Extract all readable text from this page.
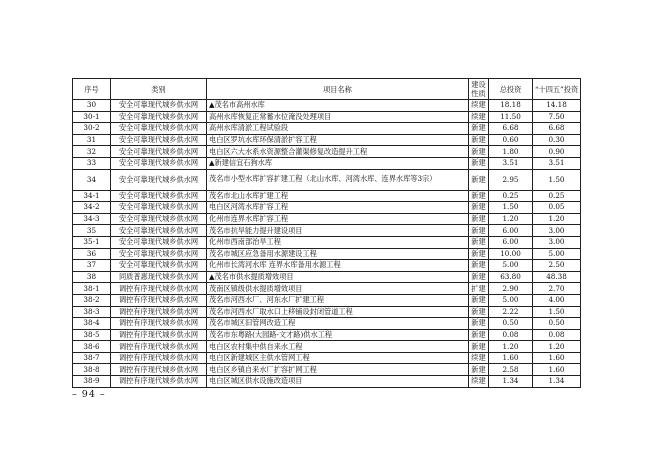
序号	类别	项目名称	建设性质	总投资	“十四五”投资
30	安全可靠现代城乡供水网	▲茂名市高州水库	续建	18.18	14.18
30-1	安全可靠现代城乡供水网	高州水库恢复正常蓄水位淹没处理项目	续建	11.50	7.50
30-2	安全可靠现代城乡供水网	高州水库清淤工程试验段	新建	6.68	6.68
31	安全可靠现代城乡供水网	电白区罗坑水库环保清淤扩容工程	新建	0.60	0.30
32	安全可靠现代城乡供水网	电白区六大水系水资源整合灌渠修复改造提升工程	新建	1.80	0.90
33	安全可靠现代城乡供水网	▲新建信宜石狗水库	新建	3.51	3.51
34	安全可靠现代城乡供水网	茂名市小型水库扩容扩建工程（北山水库、河湾水库、连界水库等3宗）	新建	2.95	1.50
34-1	安全可靠现代城乡供水网	茂名市北山水库扩建工程	新建	0.25	0.25
34-2	安全可靠现代城乡供水网	电白区河湾水库扩容工程	新建	1.50	0.05
34-3	安全可靠现代城乡供水网	化州市连界水库扩容工程	新建	1.20	1.20
35	安全可靠现代城乡供水网	茂名市抗旱能力提升建设项目	新建	6.00	3.00
35-1	安全可靠现代城乡供水网	化州市西南部治旱工程	新建	6.00	3.00
36	安全可靠现代城乡供水网	茂名市城区应急备用水源建设工程	新建	10.00	5.00
37	安全可靠现代城乡供水网	化州市长湾河水库 连界水库备用水源工程	新建	5.00	2.50
38	同质普惠现代城乡供水网	▲茂名市供水提质增效项目	新建	63.80	48.38
38-1	调控有序现代城乡供水网	茂南区镇级供水提质增效项目	扩建	2.90	2.70
38-2	调控有序现代城乡供水网	茂名市河西水厂、河东水厂扩建工程	新建	5.00	4.00
38-3	调控有序现代城乡供水网	茂名市河西水厂取水口上移铺设封闭管道工程	新建	2.22	1.50
38-4	调控有序现代城乡供水网	茂名市城区旧管网改造工程	新建	0.50	0.50
38-5	调控有序现代城乡供水网	茂名市东粤路(大园路-文才路)供水工程	新建	0.08	0.08
38-6	调控有序现代城乡供水网	电白区农村集中供自来水工程	新建	1.20	1.20
38-7	调控有序现代城乡供水网	电白区新建城区主供水管网工程	续建	1.60	1.60
38-8	调控有序现代城乡供水网	电白区乡镇自来水厂扩容扩网工程	新建	2.58	1.60
38-9	调控有序现代城乡供水网	电白区城区供水设施改造项目	续建	1.34	1.34
– 94 –
